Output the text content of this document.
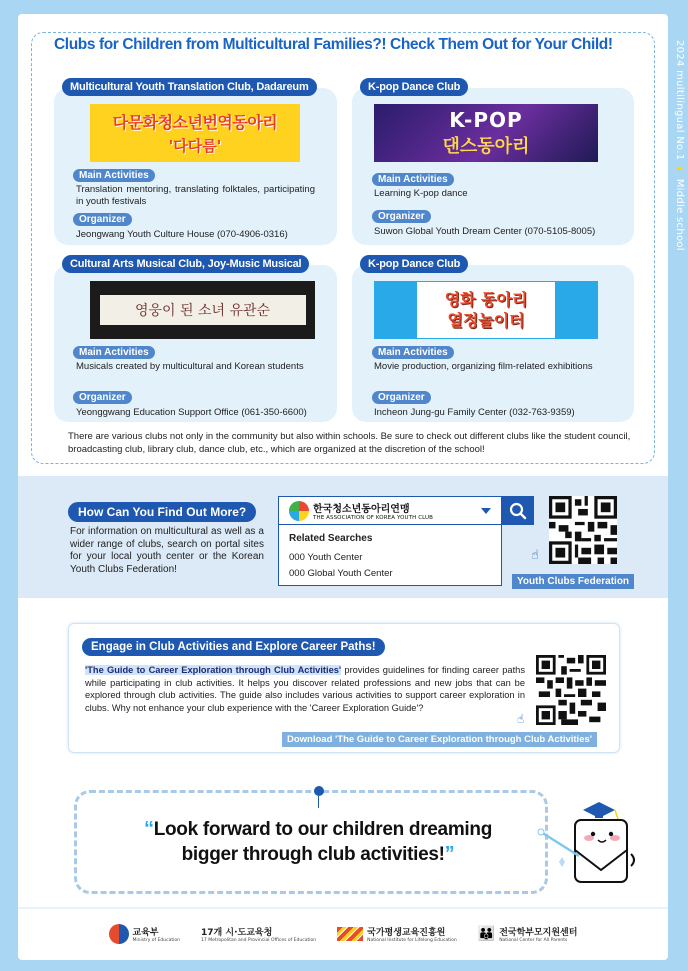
Clubs for Children from Multicultural Families?! Check Them Out for Your Child!
Multicultural Youth Translation Club, Dadareum
다문화청소년번역동아리
'다다름'
Main Activities
Translation mentoring, translating folktales, participating in youth festivals
Organizer
Jeongwang Youth Culture House (070-4906-0316)
K-pop Dance Club
K-POP
댄스동아리
Main Activities
Learning K-pop dance
Organizer
Suwon Global Youth Dream Center (070-5105-8005)
Cultural Arts Musical Club, Joy-Music Musical
영웅이 된 소녀 유관순
Main Activities
Musicals created by multicultural and Korean students
Organizer
Yeonggwang Education Support Office (061-350-6600)
K-pop Dance Club
영화 동아리
열정놀이터
Main Activities
Movie production, organizing film-related exhibitions
Organizer
Incheon Jung-gu Family Center (032-763-9359)
There are various clubs not only in the community but also within schools. Be sure to check out different clubs like the student council, broadcasting club, library club, dance club, etc., which are organized at the discretion of the school!
How Can You Find Out More?
For information on multicultural as well as a wider range of clubs, search on portal sites for your local youth center or the Korean Youth Clubs Federation!
한국청소년동아리연맹
THE ASSOCIATION OF KOREA YOUTH CLUB
Related Searches
000 Youth Center
000 Global Youth Center
☝
Youth Clubs Federation
Engage in Club Activities and Explore Career Paths!
'The Guide to Career Exploration through Club Activities' provides guidelines for finding career paths while participating in club activities. It helps you discover related professions and new jobs that can be explored through club activities. The guide also includes various activities to support career exploration in clubs. Why not enhance your club experience with the 'Career Exploration Guide'?
☝
Download 'The Guide to Career Exploration through Club Activities'
“Look forward to our children dreaming
bigger through club activities!”
교육부
Ministry of Education
17개 시·도교육청
17 Metropolitan and Provincial Offices of Education
국가평생교육진흥원
National Institute for Lifelong Education 👪 전국학부모지원센터
National Center for All Parents
2024 multilingual No.1 ✦ Middle school
